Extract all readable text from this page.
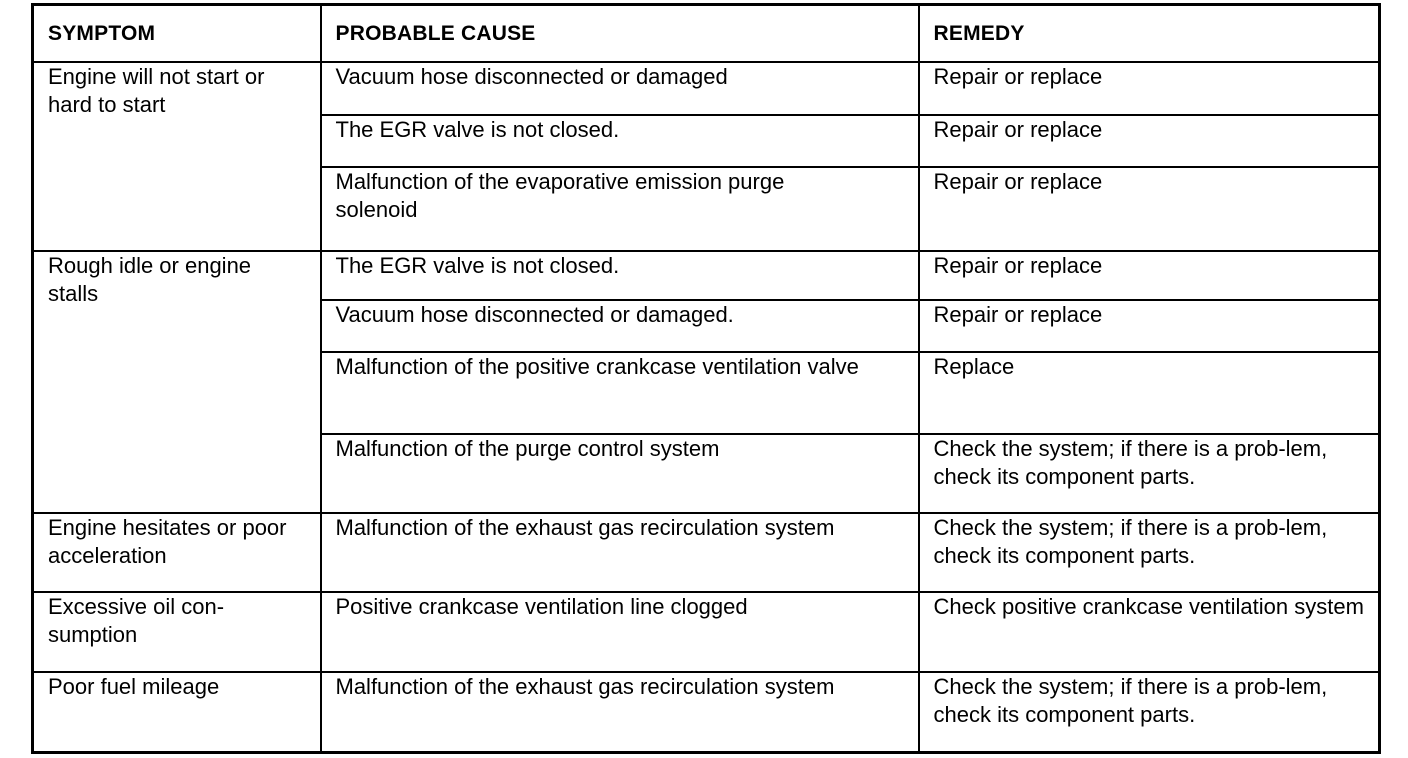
SYMPTOM	PROBABLE CAUSE	REMEDY
Engine will not start or hard to start	Vacuum hose disconnected or damaged	Repair or replace
	The EGR valve is not closed.	Repair or replace
	Malfunction of the evaporative emission purge solenoid	Repair or replace
Rough idle or engine stalls	The EGR valve is not closed.	Repair or replace
	Vacuum hose disconnected or damaged.	Repair or replace
	Malfunction of the positive crankcase ventilation valve	Replace
	Malfunction of the purge control system	Check the system; if there is a prob-lem, check its component parts.
Engine hesitates or poor acceleration	Malfunction of the exhaust gas recirculation system	Check the system; if there is a prob-lem, check its component parts.
Excessive oil con-sumption	Positive crankcase ventilation line clogged	Check positive crankcase ventilation system
Poor fuel mileage	Malfunction of the exhaust gas recirculation system	Check the system; if there is a prob-lem, check its component parts.
